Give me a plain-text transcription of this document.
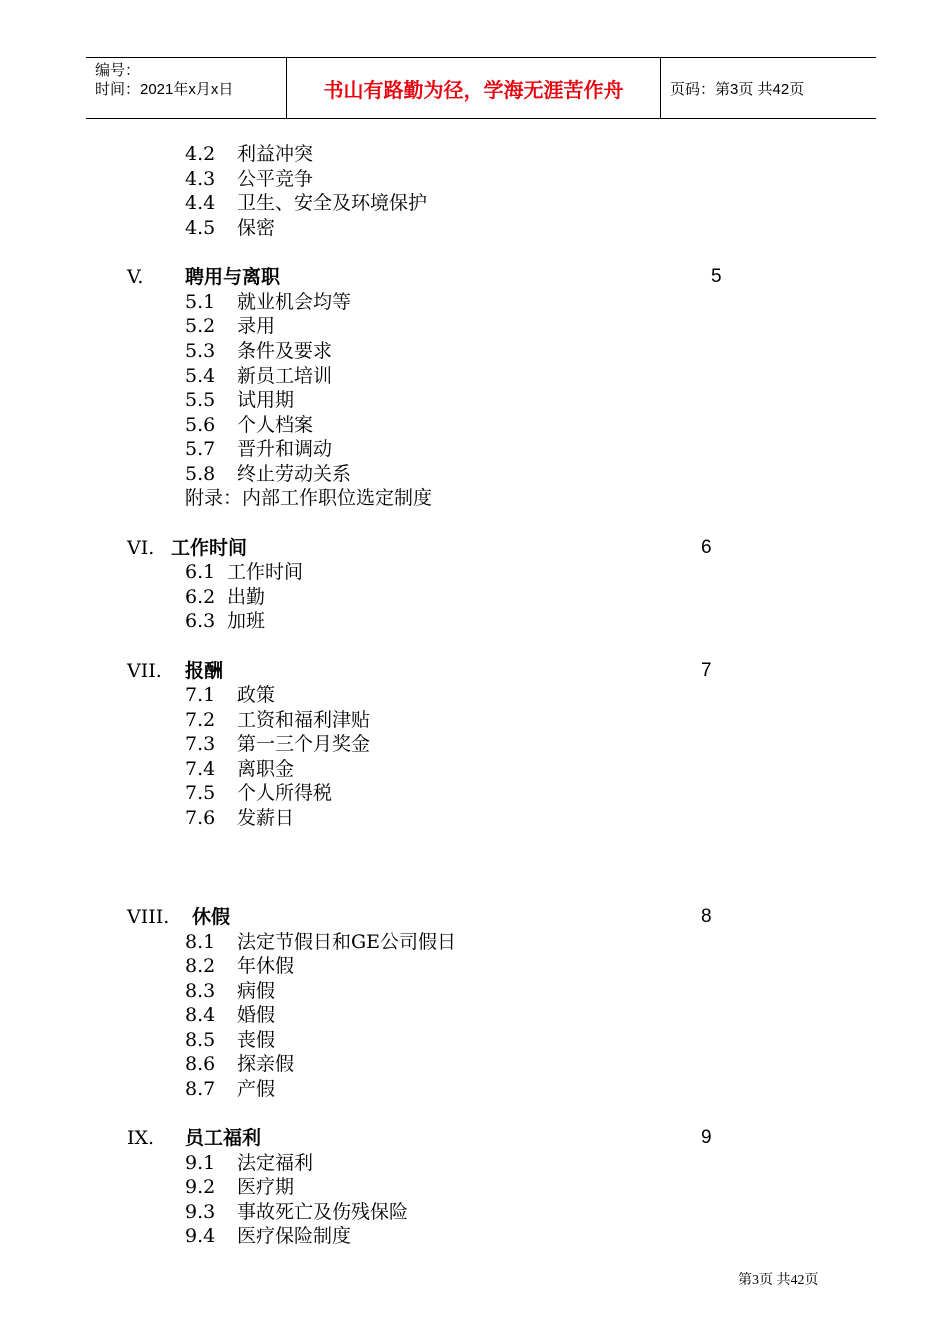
编号：
时间：2021年x月x日	书山有路勤为径，学海无涯苦作舟	页码：第3页 共42页
4.2 利益冲突
4.3 公平竞争
4.4 卫生、安全及环境保护
4.5 保密
V. 聘用与离职	5
5.1 就业机会均等
5.2 录用
5.3 条件及要求
5.4 新员工培训
5.5 试用期
5.6 个人档案
5.7 晋升和调动
5.8 终止劳动关系
附录：内部工作职位选定制度
VI. 工作时间	6
6.1 工作时间
6.2 出勤
6.3 加班
VII. 报酬	7
7.1 政策
7.2 工资和福利津贴
7.3 第一三个月奖金
7.4 离职金
7.5 个人所得税
7.6 发薪日
VIII. 休假	8
8.1 法定节假日和GE公司假日
8.2 年休假
8.3 病假
8.4 婚假
8.5 丧假
8.6 探亲假
8.7 产假
IX. 员工福利	9
9.1 法定福利
9.2 医疗期
9.3 事故死亡及伤残保险
9.4 医疗保险制度
第3页 共42页
